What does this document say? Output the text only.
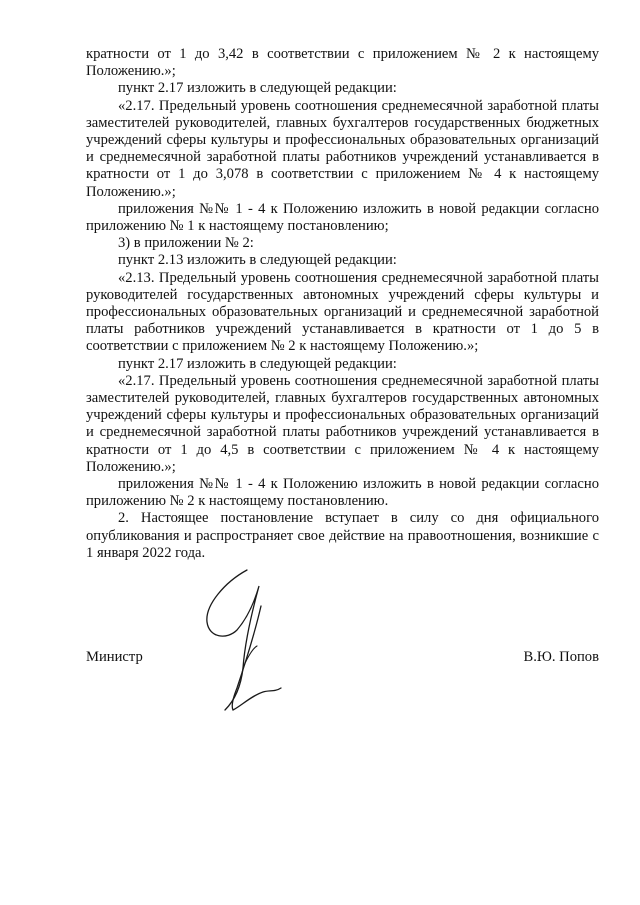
кратности от 1 до 3,42 в соответствии с приложением № 2 к настоящему Положению.»;

пункт 2.17 изложить в следующей редакции:

«2.17. Предельный уровень соотношения среднемесячной заработной платы заместителей руководителей, главных бухгалтеров государственных бюджетных учреждений сферы культуры и профессиональных образовательных организаций и среднемесячной заработной платы работников учреждений устанавливается в кратности от 1 до 3,078 в соответствии с приложением № 4 к настоящему Положению.»;

приложения №№ 1 - 4 к Положению изложить в новой редакции согласно приложению № 1 к настоящему постановлению;

3) в приложении № 2:

пункт 2.13 изложить в следующей редакции:

«2.13. Предельный уровень соотношения среднемесячной заработной платы руководителей государственных автономных учреждений сферы культуры и профессиональных образовательных организаций и среднемесячной заработной платы работников учреждений устанавливается в кратности от 1 до 5 в соответствии с приложением № 2 к настоящему Положению.»;

пункт 2.17 изложить в следующей редакции:

«2.17. Предельный уровень соотношения среднемесячной заработной платы заместителей руководителей, главных бухгалтеров государственных автономных учреждений сферы культуры и профессиональных образовательных организаций и среднемесячной заработной платы работников учреждений устанавливается в кратности от 1 до 4,5 в соответствии с приложением № 4 к настоящему Положению.»;

приложения №№ 1 - 4 к Положению изложить в новой редакции согласно приложению № 2 к настоящему постановлению.

2. Настоящее постановление вступает в силу со дня официального опубликования и распространяет свое действие на правоотношения, возникшие с 1 января 2022 года.

Министр	В.Ю. Попов
